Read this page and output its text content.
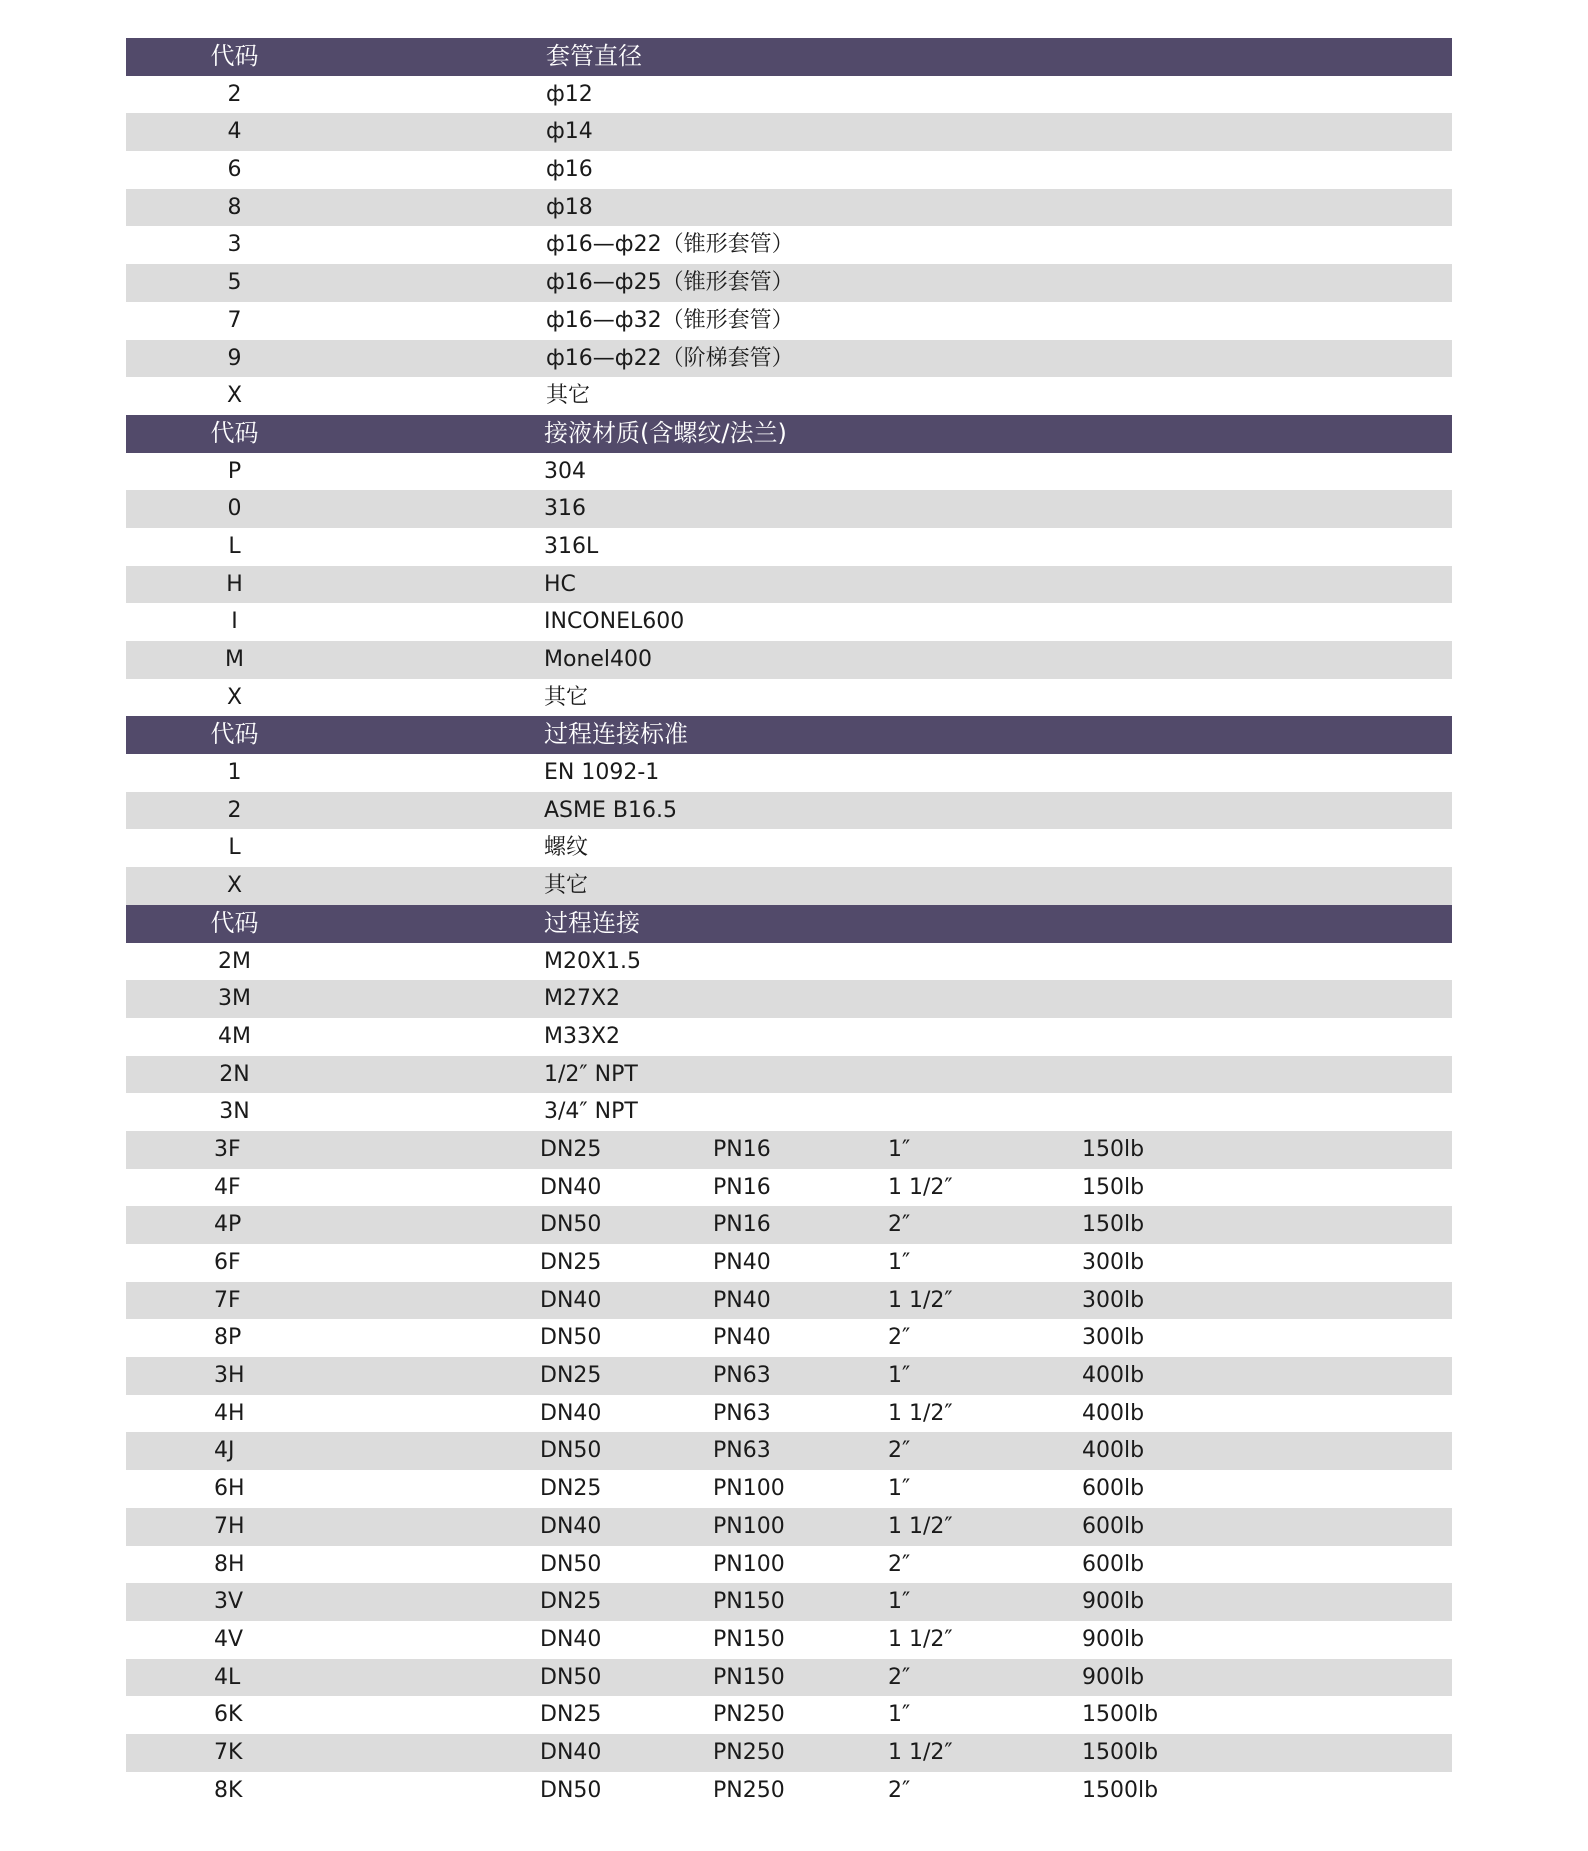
代码	套管直径
2	ф12
4	ф14
6	ф16
8	ф18
3	ф16—ф22（锥形套管）
5	ф16—ф25（锥形套管）
7	ф16—ф32（锥形套管）
9	ф16—ф22（阶梯套管）
X	其它
代码	接液材质(含螺纹/法兰)
P	304
0	316
L	316L
H	HC
I	INCONEL600
M	Monel400
X	其它
代码	过程连接标准
1	EN 1092-1
2	ASME B16.5
L	螺纹
X	其它
代码	过程连接
2M	M20X1.5
3M	M27X2
4M	M33X2
2N	1/2″ NPT
3N	3/4″ NPT
3F	DN25	PN16	1″	150lb
4F	DN40	PN16	1 1/2″	150lb
4P	DN50	PN16	2″	150lb
6F	DN25	PN40	1″	300lb
7F	DN40	PN40	1 1/2″	300lb
8P	DN50	PN40	2″	300lb
3H	DN25	PN63	1″	400lb
4H	DN40	PN63	1 1/2″	400lb
4J	DN50	PN63	2″	400lb
6H	DN25	PN100	1″	600lb
7H	DN40	PN100	1 1/2″	600lb
8H	DN50	PN100	2″	600lb
3V	DN25	PN150	1″	900lb
4V	DN40	PN150	1 1/2″	900lb
4L	DN50	PN150	2″	900lb
6K	DN25	PN250	1″	1500lb
7K	DN40	PN250	1 1/2″	1500lb
8K	DN50	PN250	2″	1500lb
